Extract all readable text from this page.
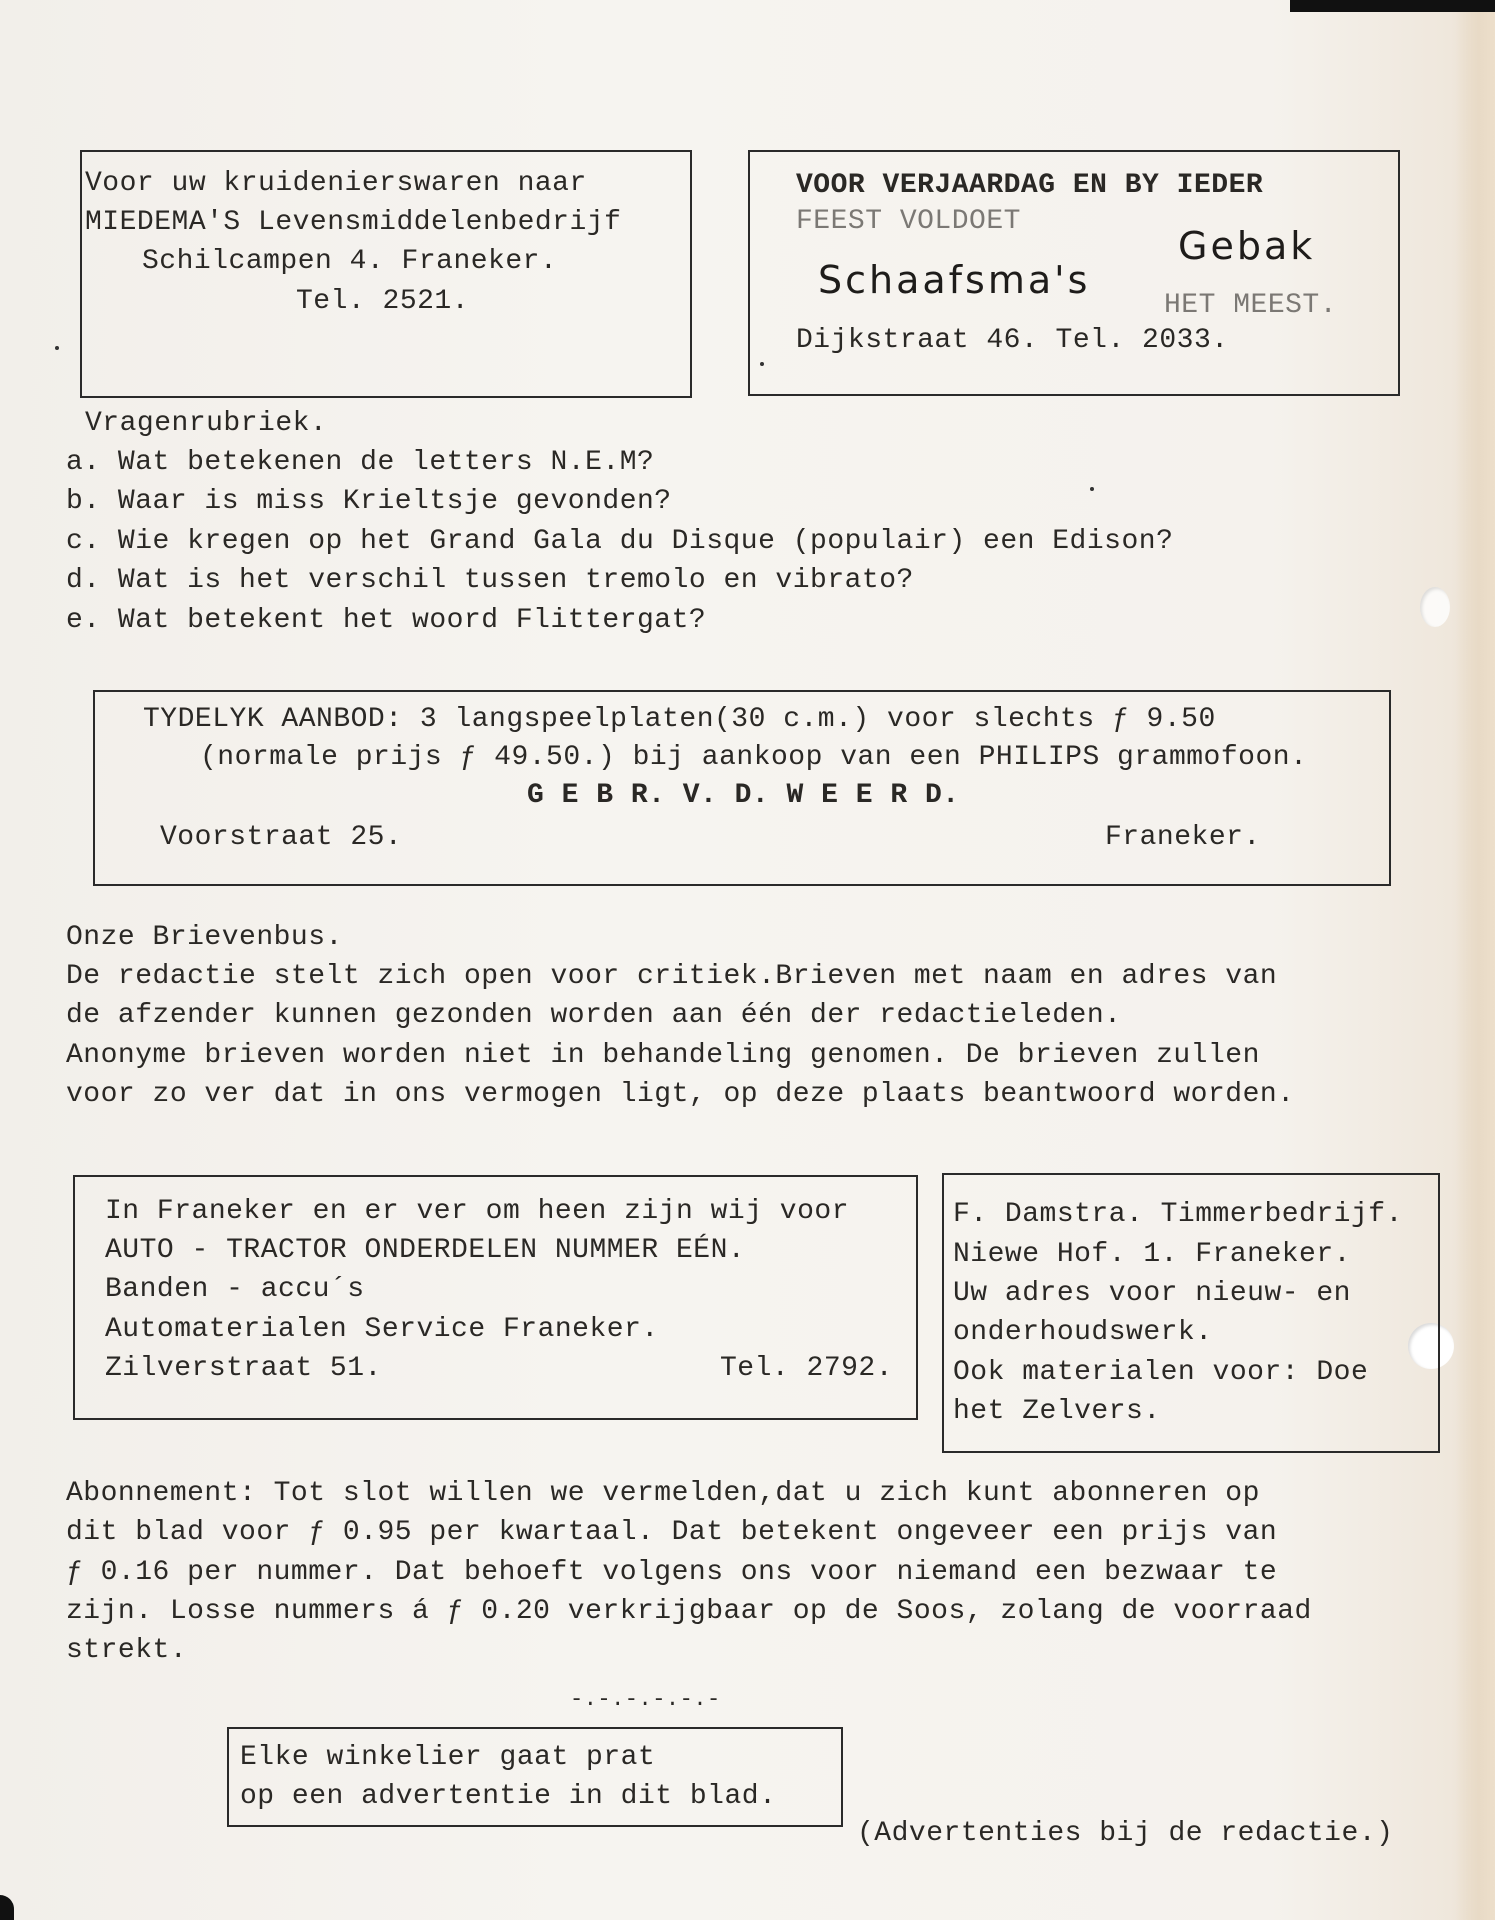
Voor uw kruidenierswaren naar
MIEDEMA'S Levensmiddelenbedrijf
Schilcampen 4. Franeker.
Tel. 2521.
VOOR VERJAARDAG EN BY IEDER
FEEST VOLDOET
Schaafsma's
Gebak
HET MEEST.
Dijkstraat 46. Tel. 2033.
Vragenrubriek.
a. Wat betekenen de letters N.E.M?
b. Waar is miss Krieltsje gevonden?
c. Wie kregen op het Grand Gala du Disque (populair) een Edison?
d. Wat is het verschil tussen tremolo en vibrato?
e. Wat betekent het woord Flittergat?
TYDELYK AANBOD: 3 langspeelplaten(30 c.m.) voor slechts ƒ 9.50
(normale prijs ƒ 49.50.) bij aankoop van een PHILIPS grammofoon.
G E B R. V. D. W E E R D.
Voorstraat 25.	Franeker.
Onze Brievenbus.
De redactie stelt zich open voor critiek.Brieven met naam en adres van
de afzender kunnen gezonden worden aan één der redactieleden.
Anonyme brieven worden niet in behandeling genomen. De brieven zullen
voor zo ver dat in ons vermogen ligt, op deze plaats beantwoord worden.
In Franeker en er ver om heen zijn wij voor
AUTO - TRACTOR ONDERDELEN NUMMER EÉN.
Banden - accu´s
Automaterialen Service Franeker.
Zilverstraat 51.	Tel. 2792.
F. Damstra. Timmerbedrijf.
Niewe Hof. 1. Franeker.
Uw adres voor nieuw- en
onderhoudswerk.
Ook materialen voor: Doe
het Zelvers.
Abonnement: Tot slot willen we vermelden,dat u zich kunt abonneren op
dit blad voor ƒ 0.95 per kwartaal. Dat betekent ongeveer een prijs van
ƒ 0.16 per nummer. Dat behoeft volgens ons voor niemand een bezwaar te
zijn. Losse nummers á ƒ 0.20 verkrijgbaar op de Soos, zolang de voorraad
strekt.
-.-.-.-.-.-
Elke winkelier gaat prat
op een advertentie in dit blad.
(Advertenties bij de redactie.)
